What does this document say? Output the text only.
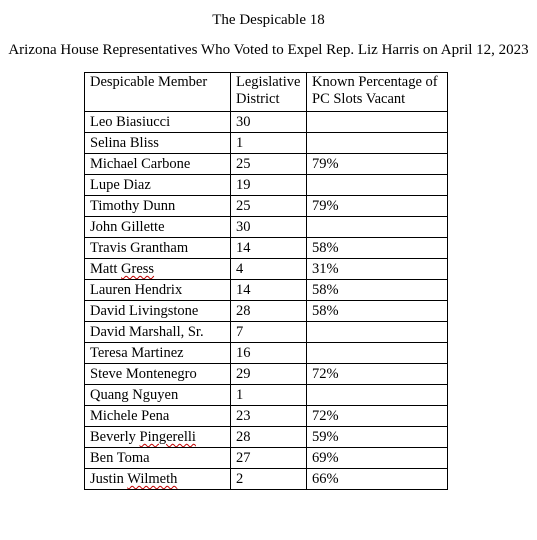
The Despicable 18
Arizona House Representatives Who Voted to Expel Rep. Liz Harris on April 12, 2023
Despicable Member	Legislative District	Known Percentage of PC Slots Vacant
Leo Biasiucci	30	
Selina Bliss	1	
Michael Carbone	25	79%
Lupe Diaz	19	
Timothy Dunn	25	79%
John Gillette	30	
Travis Grantham	14	58%
Matt Gress	4	31%
Lauren Hendrix	14	58%
David Livingstone	28	58%
David Marshall, Sr.	7	
Teresa Martinez	16	
Steve Montenegro	29	72%
Quang Nguyen	1	
Michele Pena	23	72%
Beverly Pingerelli	28	59%
Ben Toma	27	69%
Justin Wilmeth	2	66%
